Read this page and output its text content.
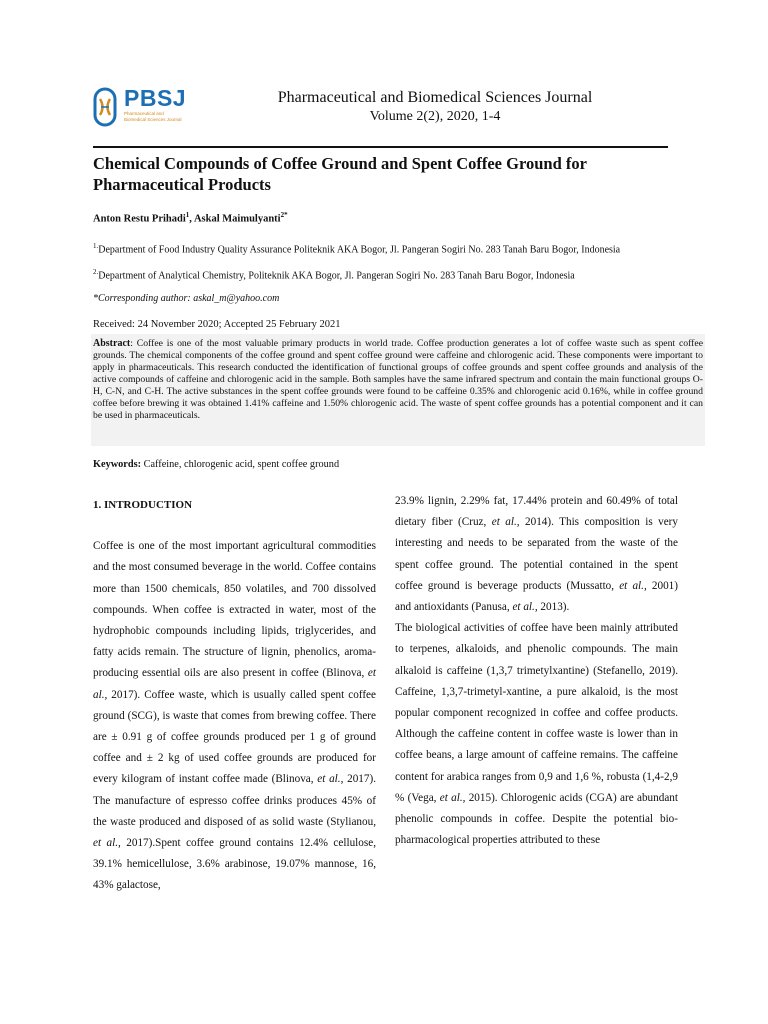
PBSJ
Pharmaceutical and
Biomedical Sciences Journal
Pharmaceutical and Biomedical Sciences Journal
Volume 2(2), 2020, 1-4
Chemical Compounds of Coffee Ground and Spent Coffee Ground for Pharmaceutical Products
Anton Restu Prihadi$^1$, Askal Maimulyanti$^{2*}$
$^{1.}$Department of Food Industry Quality Assurance Politeknik AKA Bogor, Jl. Pangeran Sogiri No. 283 Tanah Baru Bogor, Indonesia
$^{2.}$Department of Analytical Chemistry, Politeknik AKA Bogor, Jl. Pangeran Sogiri No. 283 Tanah Baru Bogor, Indonesia
*Corresponding author: askal_m@yahoo.com
Received: 24 November 2020; Accepted 25 February 2021
Abstract: Coffee is one of the most valuable primary products in world trade. Coffee production generates a lot of coffee waste such as spent coffee grounds. The chemical components of the coffee ground and spent coffee ground were caffeine and chlorogenic acid. These components were important to apply in pharmaceuticals. This research conducted the identification of functional groups of coffee grounds and spent coffee grounds and analysis of the active compounds of caffeine and chlorogenic acid in the sample. Both samples have the same infrared spectrum and contain the main functional groups O-H, C-N, and C-H. The active substances in the spent coffee grounds were found to be caffeine 0.35% and chlorogenic acid 0.16%, while in coffee ground coffee before brewing it was obtained 1.41% caffeine and 1.50% chlorogenic acid. The waste of spent coffee grounds has a potential component and it can be used in pharmaceuticals.
Keywords: Caffeine, chlorogenic acid, spent coffee ground
1. INTRODUCTION

Coffee is one of the most important agricultural commodities and the most consumed beverage in the world. Coffee contains more than 1500 chemicals, 850 volatiles, and 700 dissolved compounds. When coffee is extracted in water, most of the hydrophobic compounds including lipids, triglycerides, and fatty acids remain. The structure of lignin, phenolics, aroma-producing essential oils are also present in coffee (Blinova, et al., 2017). Coffee waste, which is usually called spent coffee ground (SCG), is waste that comes from brewing coffee. There are ± 0.91 g of coffee grounds produced per 1 g of ground coffee and ± 2 kg of used coffee grounds are produced for every kilogram of instant coffee made (Blinova, et al., 2017). The manufacture of espresso coffee drinks produces 45% of the waste produced and disposed of as solid waste (Stylianou, et al., 2017).Spent coffee ground contains 12.4% cellulose, 39.1% hemicellulose, 3.6% arabinose, 19.07% mannose, 16, 43% galactose,

23.9% lignin, 2.29% fat, 17.44% protein and 60.49% of total dietary fiber (Cruz, et al., 2014). This composition is very interesting and needs to be separated from the waste of the spent coffee ground. The potential contained in the spent coffee ground is beverage products (Mussatto, et al., 2001) and antioxidants (Panusa, et al., 2013).

The biological activities of coffee have been mainly attributed to terpenes, alkaloids, and phenolic compounds. The main alkaloid is caffeine (1,3,7 trimetylxantine) (Stefanello, 2019). Caffeine, 1,3,7-trimetyl-xantine, a pure alkaloid, is the most popular component recognized in coffee and coffee products. Although the caffeine content in coffee waste is lower than in coffee beans, a large amount of caffeine remains. The caffeine content for arabica ranges from 0,9 and 1,6 %, robusta (1,4-2,9 % (Vega, et al., 2015). Chlorogenic acids (CGA) are abundant phenolic compounds in coffee. Despite the potential bio-pharmacological properties attributed to these
